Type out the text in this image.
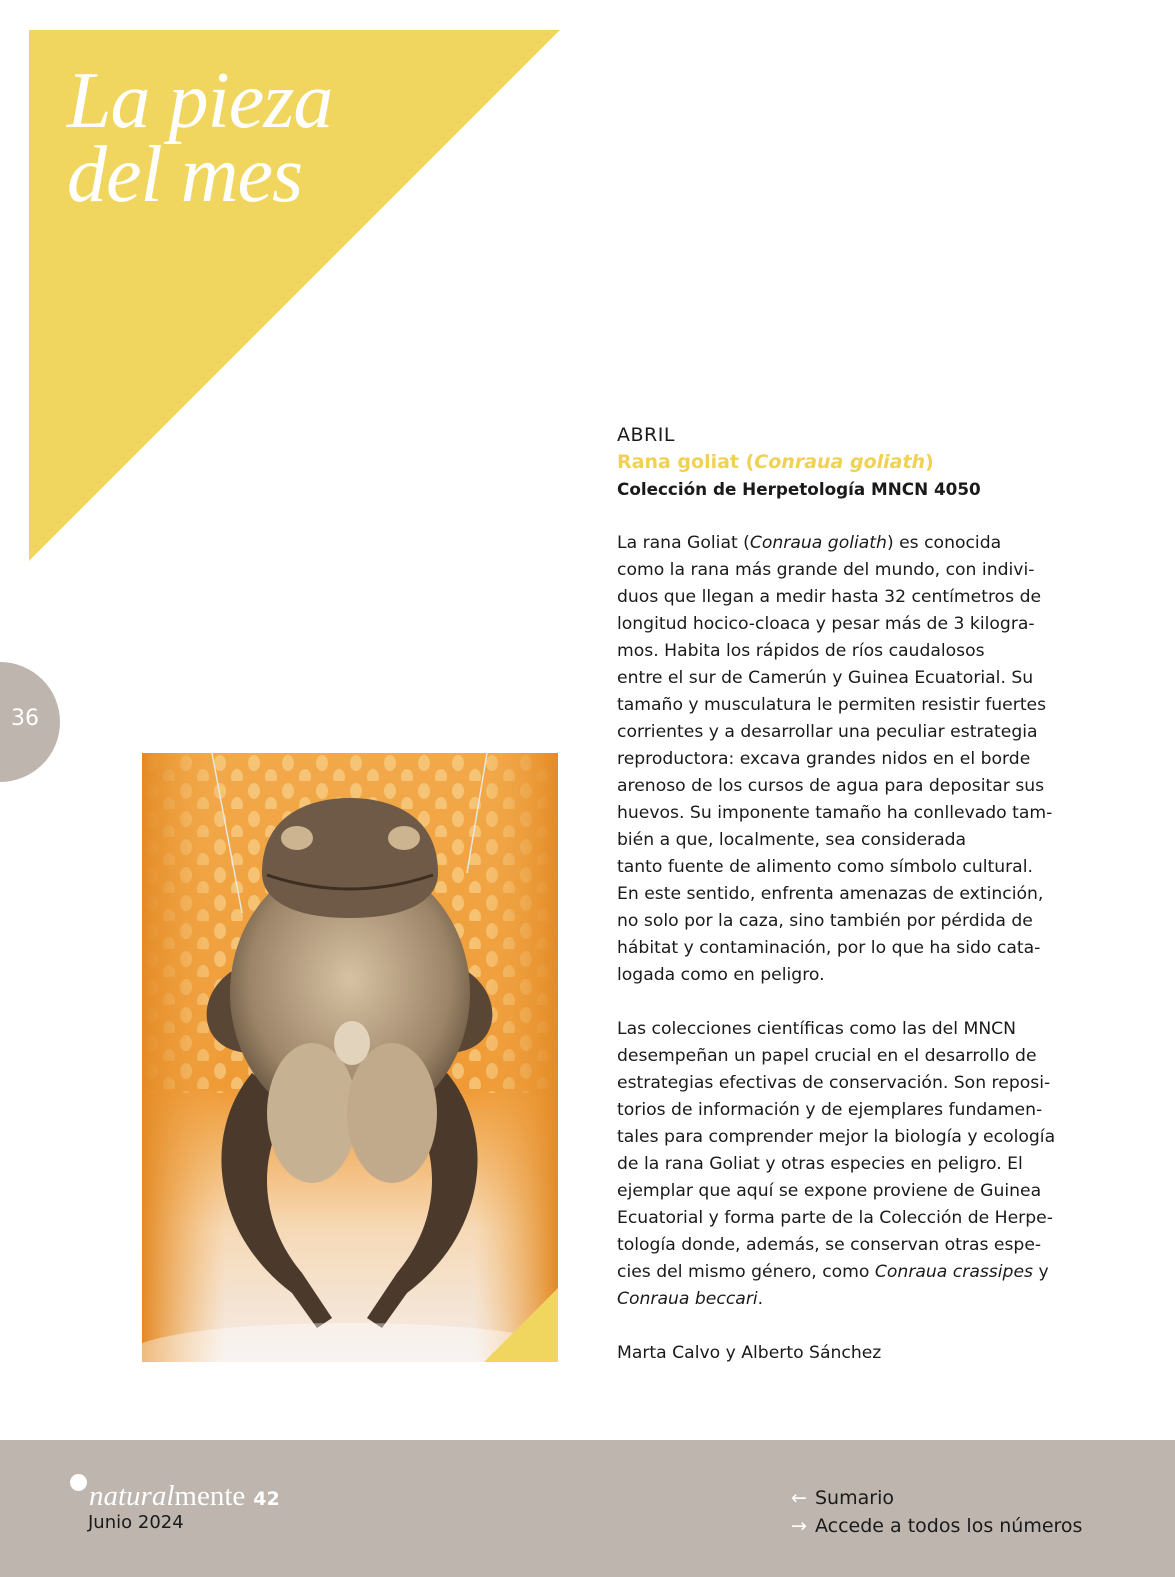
La pieza
del mes
36
ABRIL
Rana goliat (Conraua goliath)
Colección de Herpetología MNCN 4050

La rana Goliat (Conraua goliath) es conocida

como la rana más grande del mundo, con indivi-

duos que llegan a medir hasta 32 centímetros de

longitud hocico-cloaca y pesar más de 3 kilogra-

mos. Habita los rápidos de ríos caudalosos

entre el sur de Camerún y Guinea Ecuatorial. Su

tamaño y musculatura le permiten resistir fuertes

corrientes y a desarrollar una peculiar estrategia

reproductora: excava grandes nidos en el borde

arenoso de los cursos de agua para depositar sus

huevos. Su imponente tamaño ha conllevado tam-

bién a que, localmente, sea considerada

tanto fuente de alimento como símbolo cultural.

En este sentido, enfrenta amenazas de extinción,

no solo por la caza, sino también por pérdida de

hábitat y contaminación, por lo que ha sido cata-

logada como en peligro.

Las colecciones científicas como las del MNCN

desempeñan un papel crucial en el desarrollo de

estrategias efectivas de conservación. Son reposi-

torios de información y de ejemplares fundamen-

tales para comprender mejor la biología y ecología

de la rana Goliat y otras especies en peligro. El

ejemplar que aquí se expone proviene de Guinea

Ecuatorial y forma parte de la Colección de Herpe-

tología donde, además, se conservan otras espe-

cies del mismo género, como Conraua crassipes y

Conraua beccari.

Marta Calvo y Alberto Sánchez
natural mente 42
Junio 2024
← Sumario
→ Accede a todos los números
